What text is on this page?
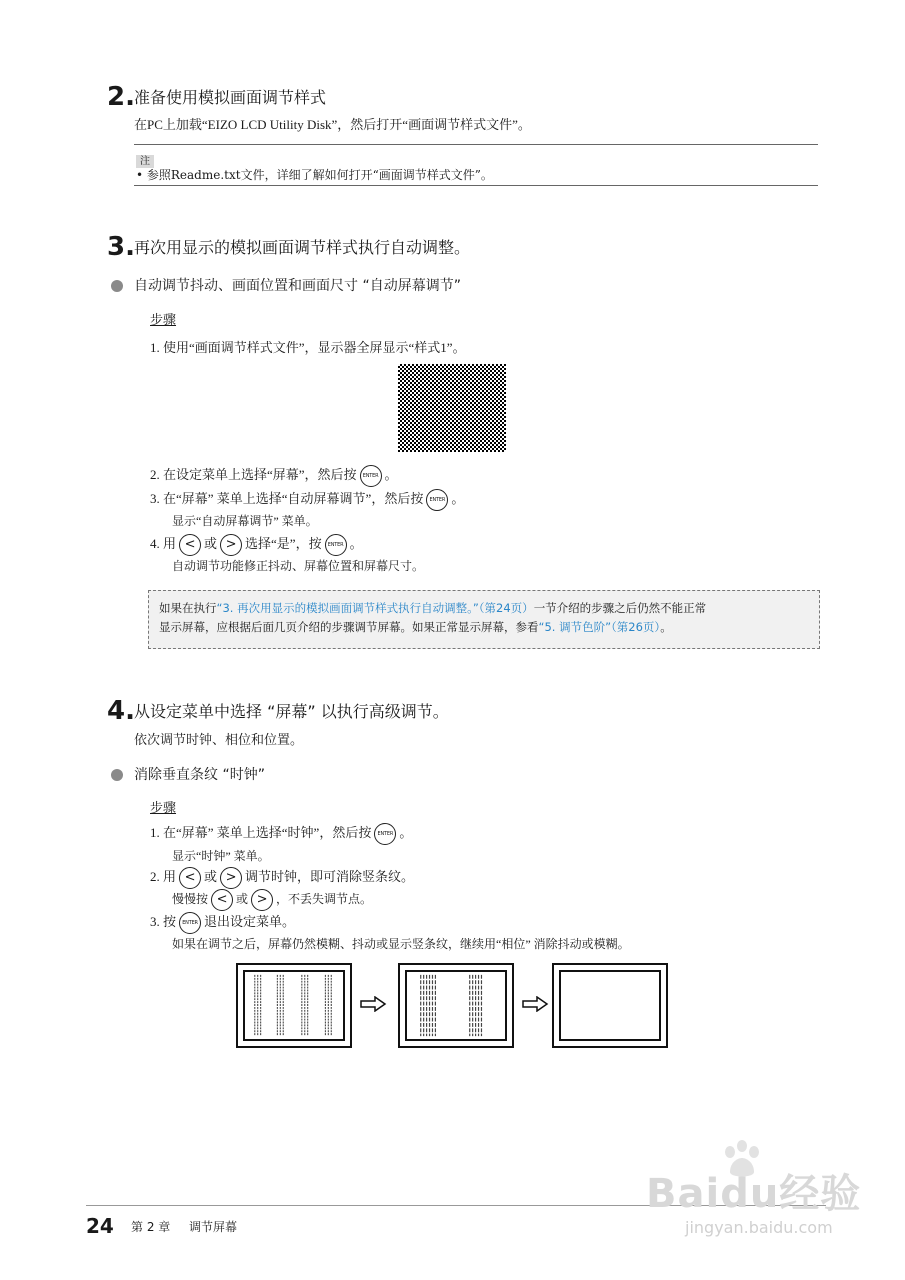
2. 准备使用模拟画面调节样式
在PC上加载“EIZO LCD Utility Disk”，然后打开“画面调节样式文件”。
注
• 参照Readme.txt文件，详细了解如何打开“画面调节样式文件”。
3. 再次用显示的模拟画面调节样式执行自动调整。
自动调节抖动、画面位置和画面尺寸 “自动屏幕调节”
步骤
1. 使用“画面调节样式文件”，显示器全屏显示“样式1”。
2. 在设定菜单上选择“屏幕”，然后按 ENTER 。
3. 在“屏幕” 菜单上选择“自动屏幕调节”，然后按 ENTER 。
显示“自动屏幕调节” 菜单。
4. 用 < 或 > 选择“是”，按 ENTER 。
自动调节功能修正抖动、屏幕位置和屏幕尺寸。
如果在执行“3. 再次用显示的模拟画面调节样式执行自动调整。”（第24页）一节介绍的步骤之后仍然不能正常
显示屏幕，应根据后面几页介绍的步骤调节屏幕。如果正常显示屏幕，参看“5. 调节色阶”（第26页）。
4. 从设定菜单中选择 “屏幕” 以执行高级调节。
依次调节时钟、相位和位置。
消除垂直条纹 “时钟”
步骤
1. 在“屏幕” 菜单上选择“时钟”，然后按 ENTER 。
显示“时钟” 菜单。
2. 用 < 或 > 调节时钟，即可消除竖条纹。
慢慢按 < 或 > ，不丢失调节点。
3. 按 ENTER 退出设定菜单。
如果在调节之后，屏幕仍然模糊、抖动或显示竖条纹，继续用“相位” 消除抖动或模糊。
24 第 2 章 调节屏幕
Baidu经验
jingyan.baidu.com
